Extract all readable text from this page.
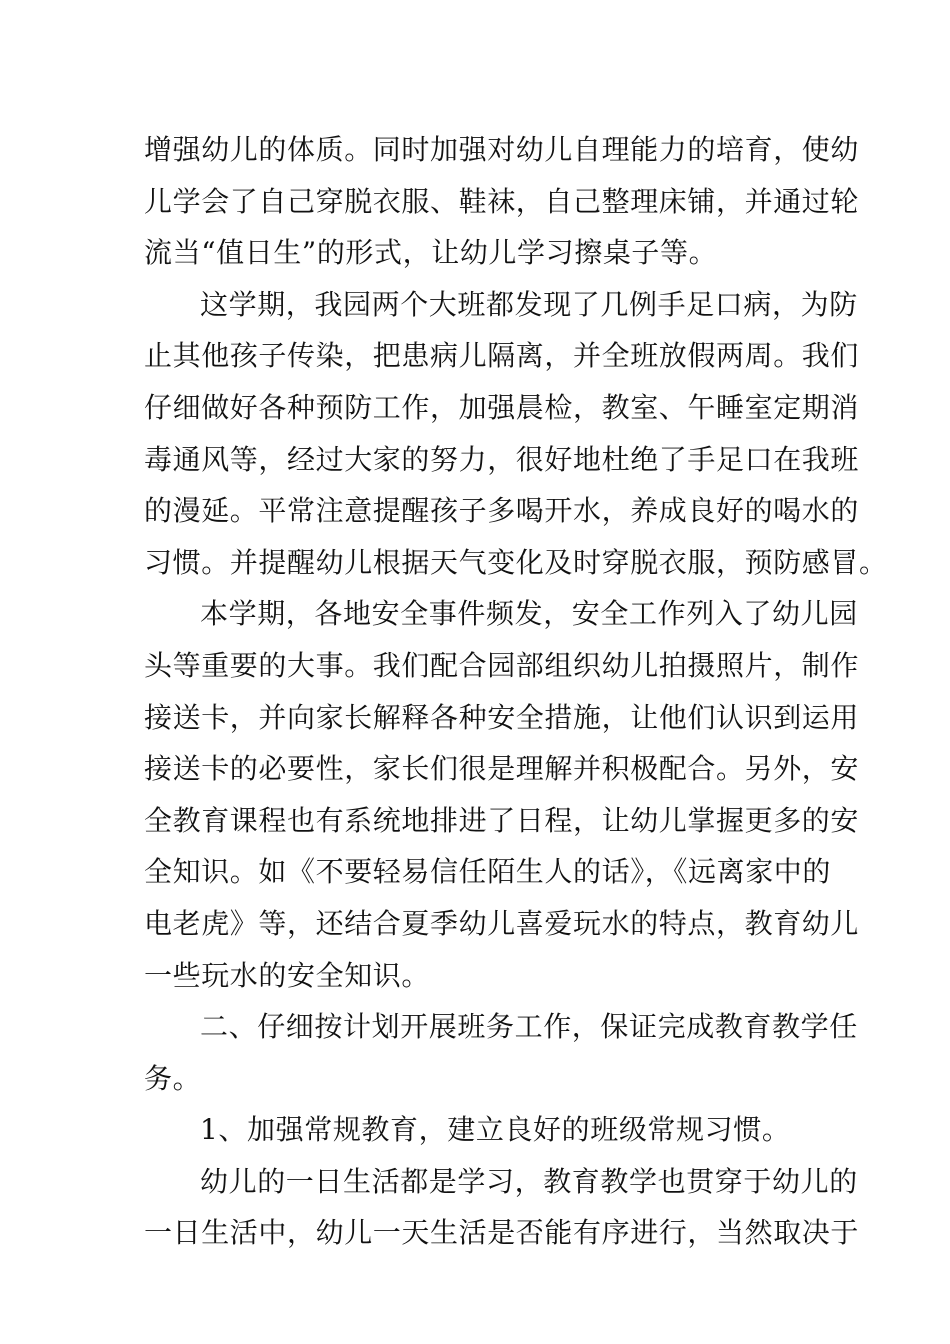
增强幼儿的体质。同时加强对幼儿自理能力的培育，使幼
儿学会了自己穿脱衣服、鞋袜，自己整理床铺，并通过轮
流当“值日生”的形式，让幼儿学习擦桌子等。
这学期，我园两个大班都发现了几例手足口病，为防
止其他孩子传染，把患病儿隔离，并全班放假两周。我们
仔细做好各种预防工作，加强晨检，教室、午睡室定期消
毒通风等，经过大家的努力，很好地杜绝了手足口在我班
的漫延。平常注意提醒孩子多喝开水，养成良好的喝水的
习惯。并提醒幼儿根据天气变化及时穿脱衣服，预防感冒。
本学期，各地安全事件频发，安全工作列入了幼儿园
头等重要的大事。我们配合园部组织幼儿拍摄照片，制作
接送卡，并向家长解释各种安全措施，让他们认识到运用
接送卡的必要性，家长们很是理解并积极配合。另外，安
全教育课程也有系统地排进了日程，让幼儿掌握更多的安
全知识。如《不要轻易信任陌生人的话》，《远离家中的
电老虎》等，还结合夏季幼儿喜爱玩水的特点，教育幼儿
一些玩水的安全知识。
二、仔细按计划开展班务工作，保证完成教育教学任
务。
1、加强常规教育，建立良好的班级常规习惯。
幼儿的一日生活都是学习，教育教学也贯穿于幼儿的
一日生活中，幼儿一天生活是否能有序进行，当然取决于
